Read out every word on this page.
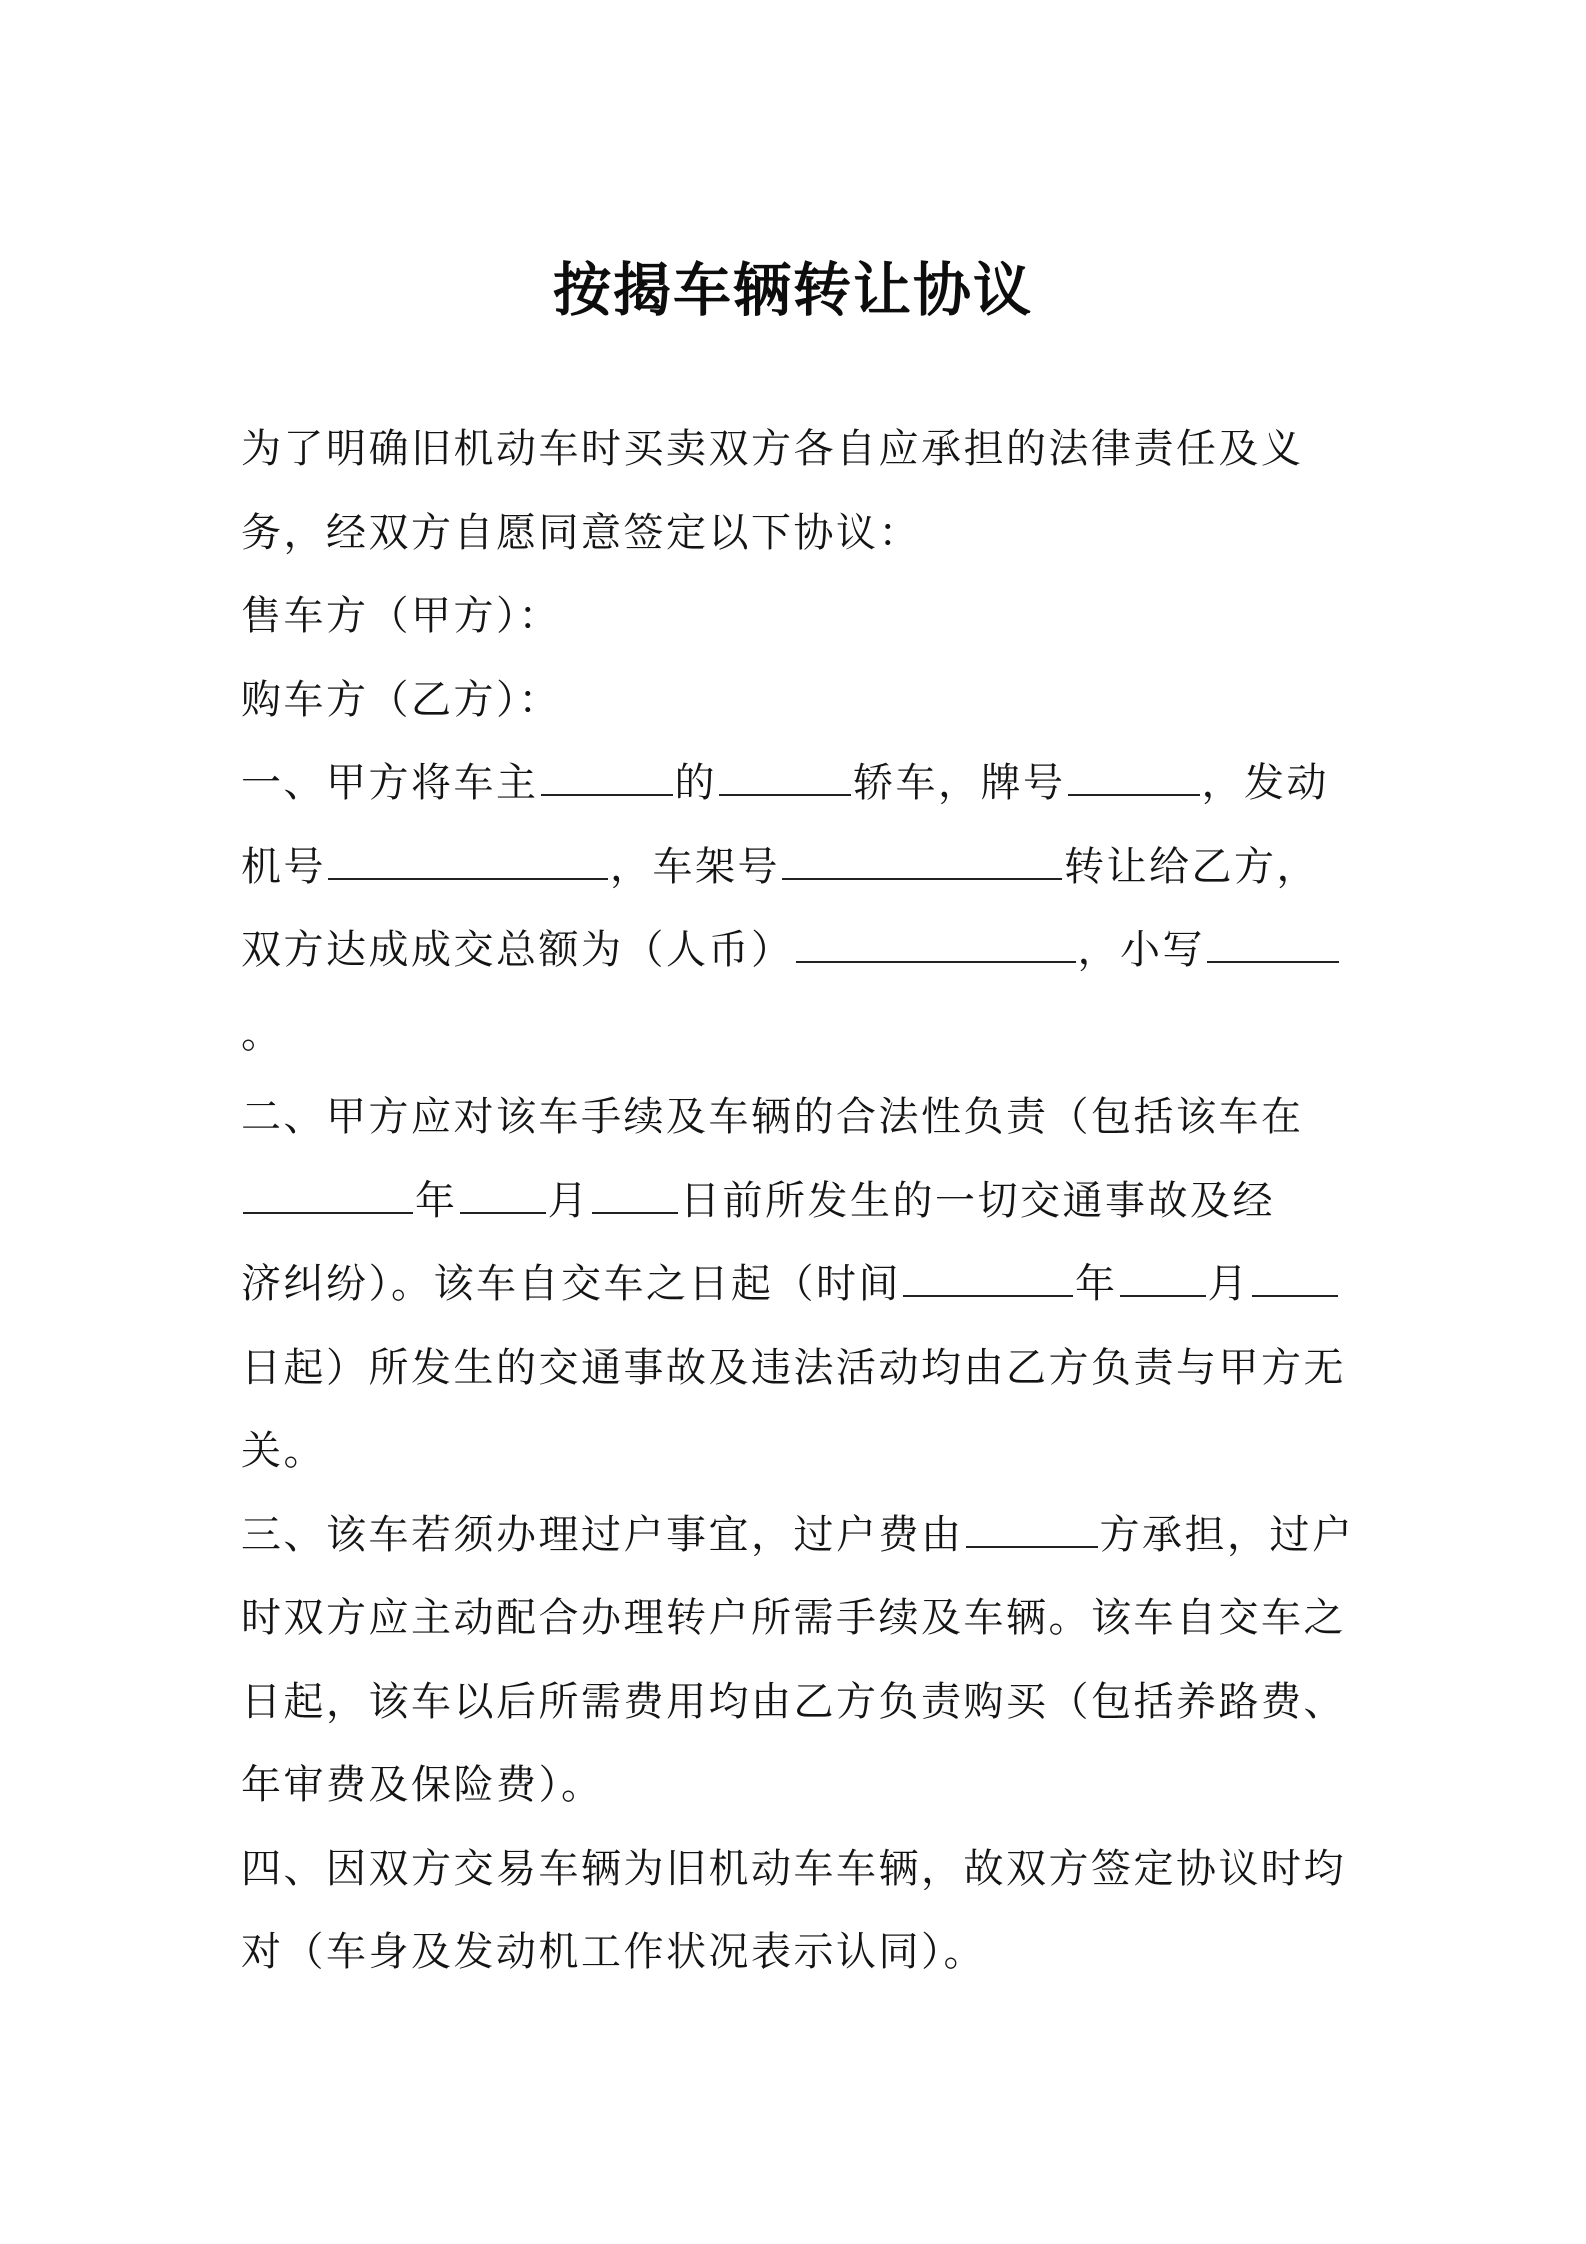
按揭车辆转让协议
为了明确旧机动车时买卖双方各自应承担的法律责任及义
务，经双方自愿同意签定以下协议：
售车方（甲方）：
购车方（乙方）：
一、甲方将车主	的	轿车，牌号	，发动
机号	，车架号	转让给乙方，
双方达成成交总额为（人币）	，小写
。
二、甲方应对该车手续及车辆的合法性负责（包括该车在
年 月 日前所发生的一切交通事故及经
济纠纷）。该车自交车之日起（时间	年 月
日起）所发生的交通事故及违法活动均由乙方负责与甲方无
关。
三、该车若须办理过户事宜，过户费由	方承担，过户
时双方应主动配合办理转户所需手续及车辆。该车自交车之
日起，该车以后所需费用均由乙方负责购买（包括养路费、
年审费及保险费）。
四、因双方交易车辆为旧机动车车辆，故双方签定协议时均
对（车身及发动机工作状况表示认同）。
